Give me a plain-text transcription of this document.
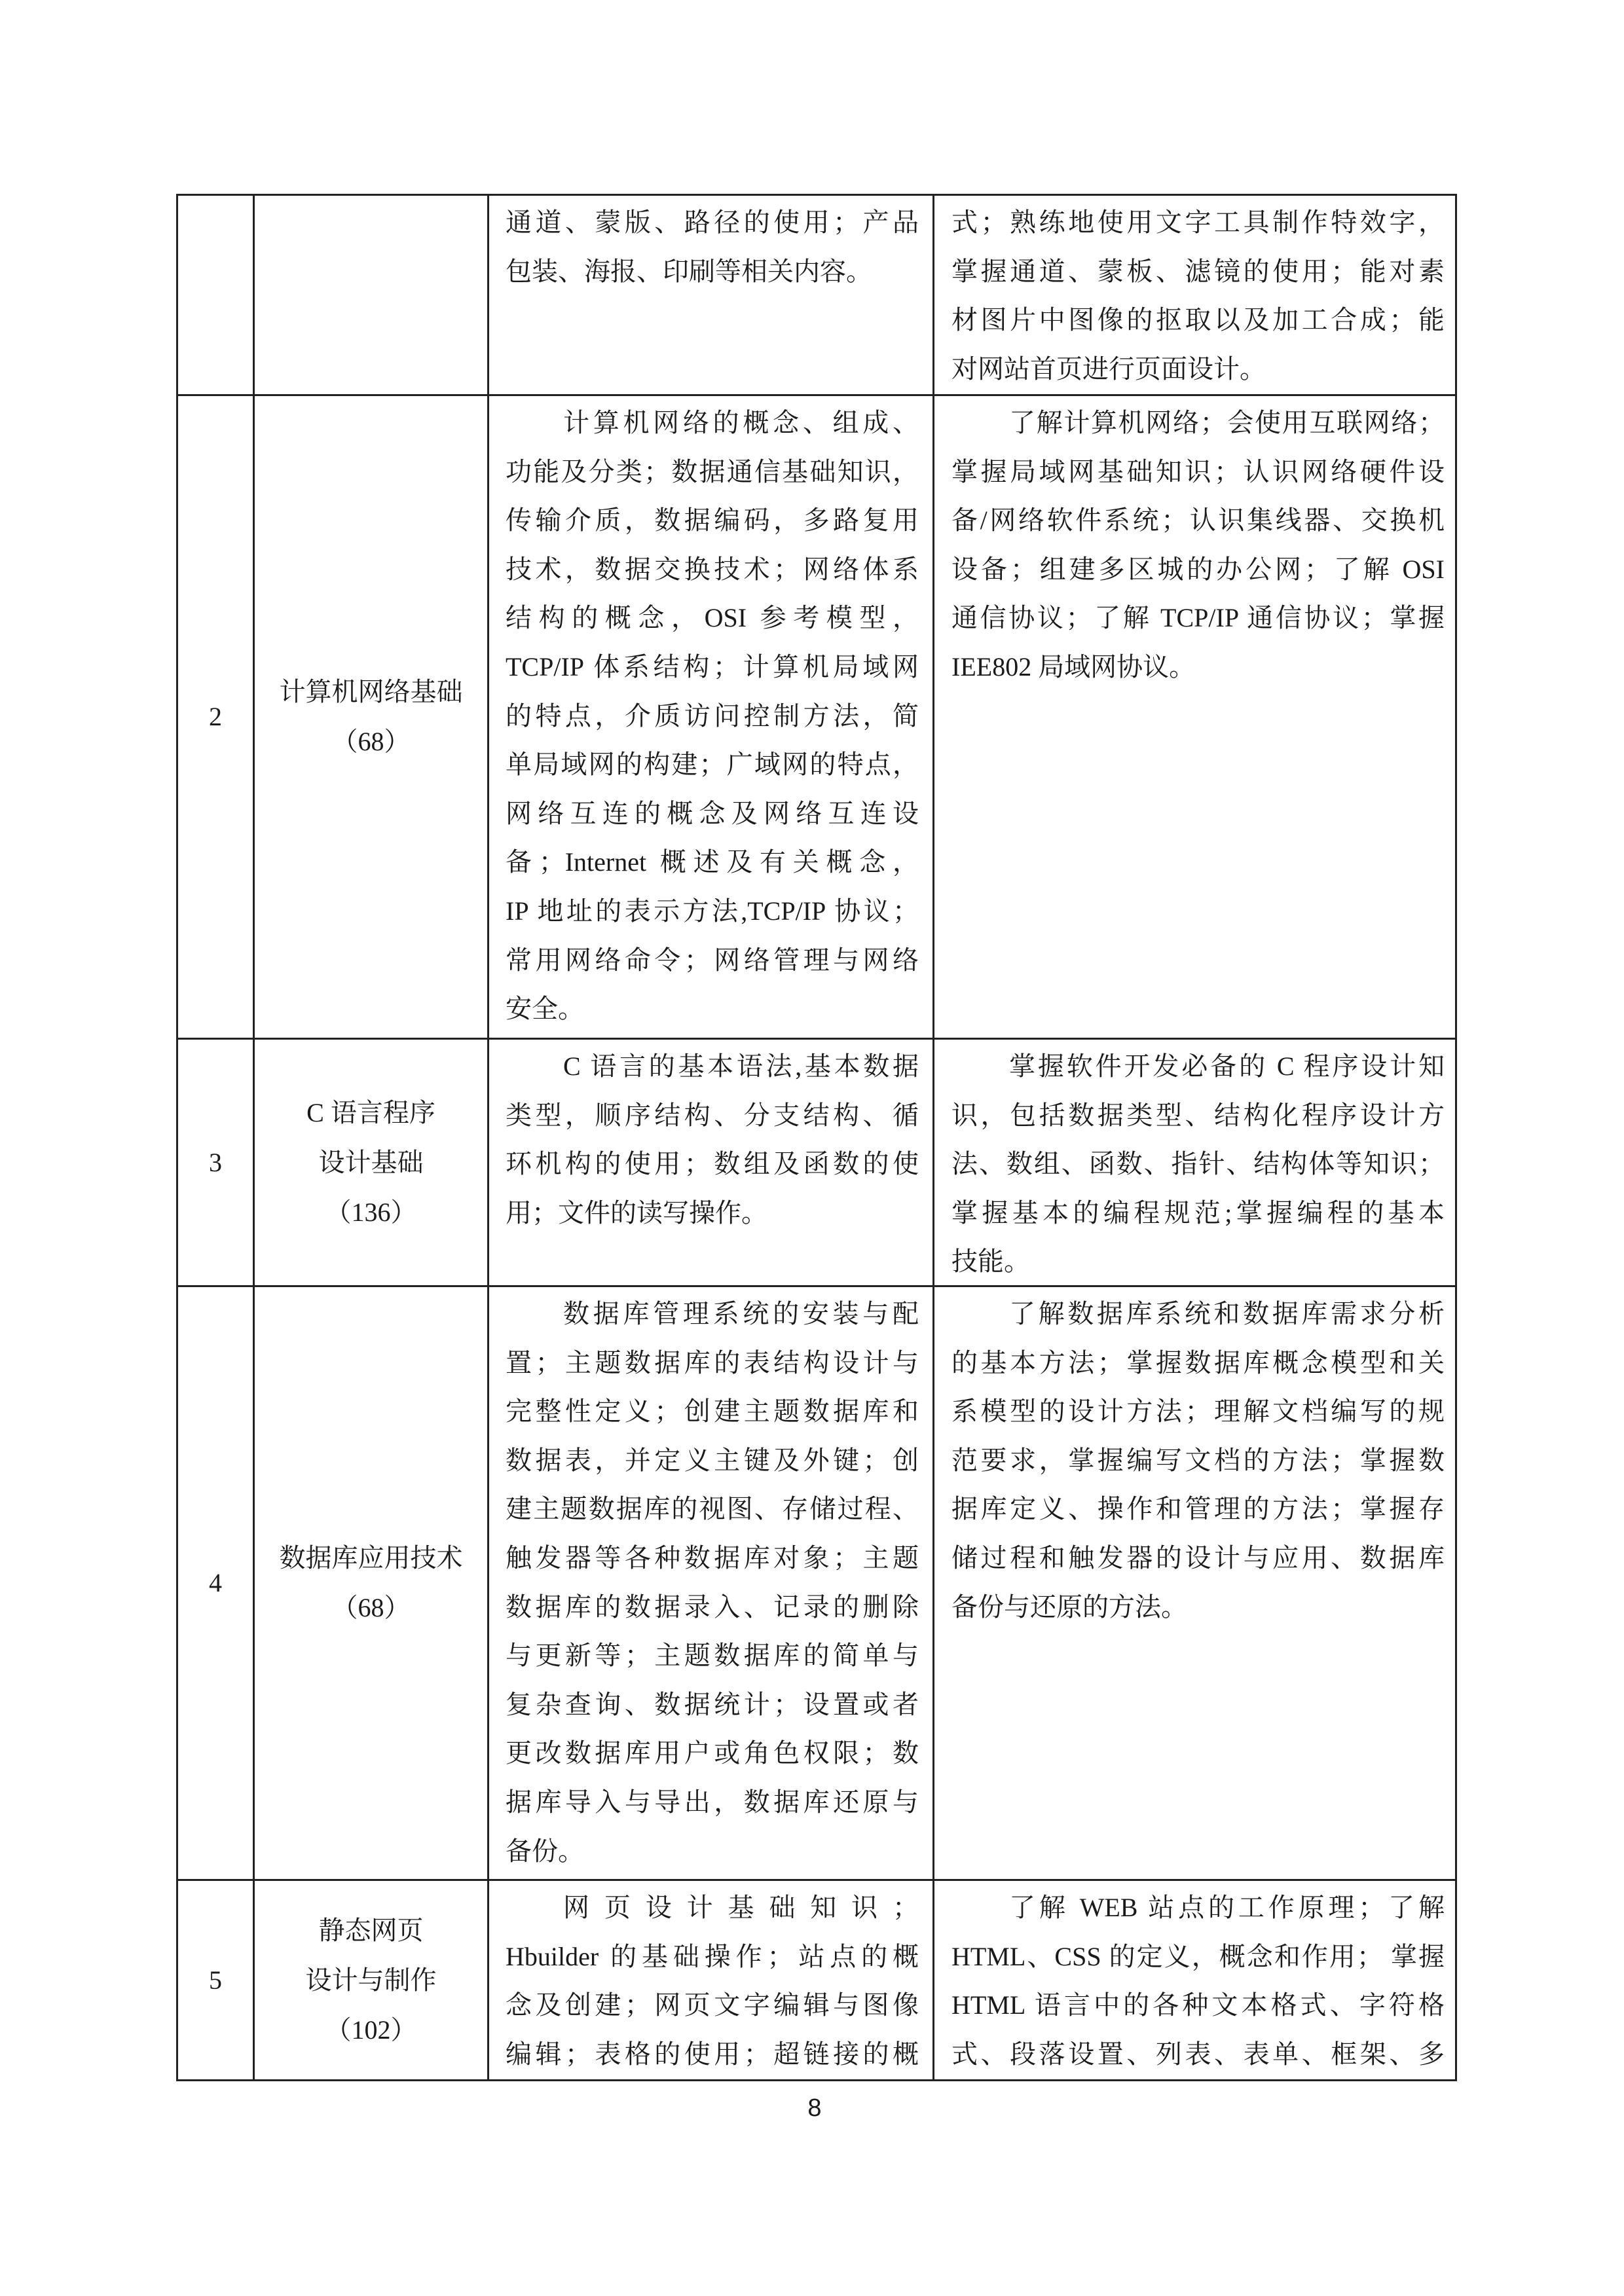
通道、蒙版、路径的使用；产品
包装、海报、印刷等相关内容。
式；熟练地使用文字工具制作特效字，
掌握通道、蒙板、滤镜的使用；能对素
材图片中图像的抠取以及加工合成；能
对网站首页进行页面设计。
2
计算机网络基础
（68）
计算机网络的概念、组成、
功能及分类；数据通信基础知识，
传输介质，数据编码，多路复用
技术，数据交换技术；网络体系
结构的概念，OSI 参考模型，
TCP/IP 体系结构；计算机局域网
的特点，介质访问控制方法，简
单局域网的构建；广域网的特点，
网络互连的概念及网络互连设
备；Internet 概述及有关概念，
IP 地址的表示方法,TCP/IP 协议；
常用网络命令；网络管理与网络
安全。
了解计算机网络；会使用互联网络；
掌握局域网基础知识；认识网络硬件设
备/网络软件系统；认识集线器、交换机
设备；组建多区城的办公网；了解 OSI
通信协议；了解 TCP/IP 通信协议；掌握
IEE802 局域网协议。
3
C 语言程序
设计基础
（136）
C 语言的基本语法,基本数据
类型，顺序结构、分支结构、循
环机构的使用；数组及函数的使
用；文件的读写操作。
掌握软件开发必备的 C 程序设计知
识，包括数据类型、结构化程序设计方
法、数组、函数、指针、结构体等知识；
掌握基本的编程规范;掌握编程的基本
技能。
4
数据库应用技术
（68）
数据库管理系统的安装与配
置；主题数据库的表结构设计与
完整性定义；创建主题数据库和
数据表，并定义主键及外键；创
建主题数据库的视图、存储过程、
触发器等各种数据库对象；主题
数据库的数据录入、记录的删除
与更新等；主题数据库的简单与
复杂查询、数据统计；设置或者
更改数据库用户或角色权限；数
据库导入与导出，数据库还原与
备份。
了解数据库系统和数据库需求分析
的基本方法；掌握数据库概念模型和关
系模型的设计方法；理解文档编写的规
范要求，掌握编写文档的方法；掌握数
据库定义、操作和管理的方法；掌握存
储过程和触发器的设计与应用、数据库
备份与还原的方法。
5
静态网页
设计与制作
（102）
网页设计基础知识；
Hbuilder 的基础操作；站点的概
念及创建；网页文字编辑与图像
编辑；表格的使用；超链接的概
了解 WEB 站点的工作原理；了解
HTML、CSS 的定义，概念和作用； 掌握
HTML 语言中的各种文本格式、字符格
式、段落设置、列表、表单、框架、多
8
